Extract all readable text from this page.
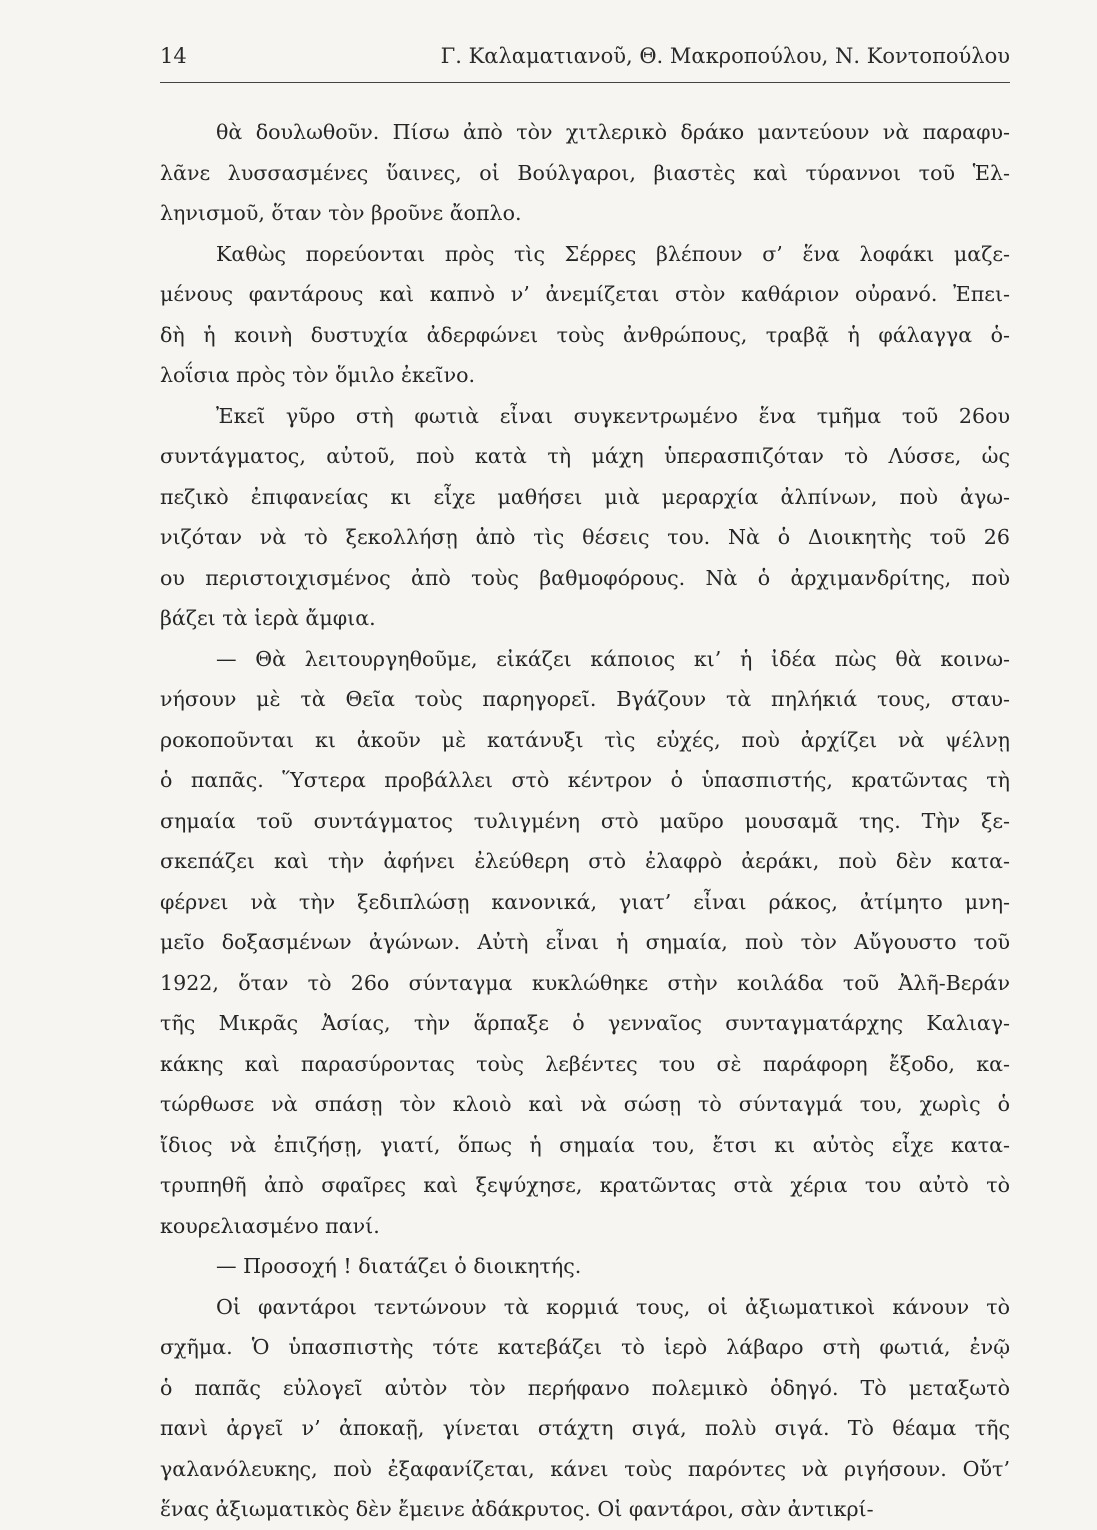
14	Γ. Καλαματιανοῦ, Θ. Μακροπούλου, Ν. Κοντοπούλου
θὰ δουλωθοῦν. Πίσω ἀπὸ τὸν χιτλερικὸ δράκο μαντεύουν νὰ παραφυ-
λᾶνε λυσσασμένες ὕαινες, οἱ Βούλγαροι, βιαστὲς καὶ τύραννοι τοῦ Ἑλ-
ληνισμοῦ, ὅταν τὸν βροῦνε ἄοπλο.
Καθὼς πορεύονται πρὸς τὶς Σέρρες βλέπουν σ’ ἕνα λοφάκι μαζε-
μένους φαντάρους καὶ καπνὸ ν’ ἀνεμίζεται στὸν καθάριον οὐρανό. Ἐπει-
δὴ ἡ κοινὴ δυστυχία ἀδερφώνει τοὺς ἀνθρώπους, τραβᾷ ἡ φάλαγγα ὁ-
λοΐσια πρὸς τὸν ὅμιλο ἐκεῖνο.
Ἐκεῖ γῦρο στὴ φωτιὰ εἶναι συγκεντρωμένο ἕνα τμῆμα τοῦ 26ου
συντάγματος, αὐτοῦ, ποὺ κατὰ τὴ μάχη ὑπερασπιζόταν τὸ Λύσσε, ὡς
πεζικὸ ἐπιφανείας κι εἶχε μαθήσει μιὰ μεραρχία ἀλπίνων, ποὺ ἀγω-
νιζόταν νὰ τὸ ξεκολλήσῃ ἀπὸ τὶς θέσεις του. Νὰ ὁ Διοικητὴς τοῦ 26
ου περιστοιχισμένος ἀπὸ τοὺς βαθμοφόρους. Νὰ ὁ ἀρχιμανδρίτης, ποὺ
βάζει τὰ ἱερὰ ἄμφια.
— Θὰ λειτουργηθοῦμε, εἰκάζει κάποιος κι’ ἡ ἰδέα πὼς θὰ κοινω-
νήσουν μὲ τὰ Θεῖα τοὺς παρηγορεῖ. Βγάζουν τὰ πηλήκιά τους, σταυ-
ροκοποῦνται κι ἀκοῦν μὲ κατάνυξι τὶς εὐχές, ποὺ ἀρχίζει νὰ ψέλνῃ
ὁ παπᾶς. Ὕστερα προβάλλει στὸ κέντρον ὁ ὑπασπιστής, κρατῶντας τὴ
σημαία τοῦ συντάγματος τυλιγμένη στὸ μαῦρο μουσαμᾶ της. Τὴν ξε-
σκεπάζει καὶ τὴν ἀφήνει ἐλεύθερη στὸ ἐλαφρὸ ἀεράκι, ποὺ δὲν κατα-
φέρνει νὰ τὴν ξεδιπλώσῃ κανονικά, γιατ’ εἶναι ράκος, ἀτίμητο μνη-
μεῖο δοξασμένων ἀγώνων. Αὐτὴ εἶναι ἡ σημαία, ποὺ τὸν Αὔγουστο τοῦ
1922, ὅταν τὸ 26ο σύνταγμα κυκλώθηκε στὴν κοιλάδα τοῦ Ἀλῆ-Βεράν
τῆς Μικρᾶς Ἀσίας, τὴν ἅρπαξε ὁ γενναῖος συνταγματάρχης Καλιαγ-
κάκης καὶ παρασύροντας τοὺς λεβέντες του σὲ παράφορη ἔξοδο, κα-
τώρθωσε νὰ σπάσῃ τὸν κλοιὸ καὶ νὰ σώσῃ τὸ σύνταγμά του, χωρὶς ὁ
ἴδιος νὰ ἐπιζήσῃ, γιατί, ὅπως ἡ σημαία του, ἔτσι κι αὐτὸς εἶχε κατα-
τρυπηθῆ ἀπὸ σφαῖρες καὶ ξεψύχησε, κρατῶντας στὰ χέρια του αὐτὸ τὸ
κουρελιασμένο πανί.
— Προσοχή ! διατάζει ὁ διοικητής.
Οἱ φαντάροι τεντώνουν τὰ κορμιά τους, οἱ ἀξιωματικοὶ κάνουν τὸ
σχῆμα. Ὁ ὑπασπιστὴς τότε κατεβάζει τὸ ἱερὸ λάβαρο στὴ φωτιά, ἐνῷ
ὁ παπᾶς εὐλογεῖ αὐτὸν τὸν περήφανο πολεμικὸ ὁδηγό. Τὸ μεταξωτὸ
πανὶ ἀργεῖ ν’ ἀποκαῇ, γίνεται στάχτη σιγά, πολὺ σιγά. Τὸ θέαμα τῆς
γαλανόλευκης, ποὺ ἐξαφανίζεται, κάνει τοὺς παρόντες νὰ ριγήσουν. Οὔτ’
ἕνας ἀξιωματικὸς δὲν ἔμεινε ἀδάκρυτος. Οἱ φαντάροι, σὰν ἀντικρί-
